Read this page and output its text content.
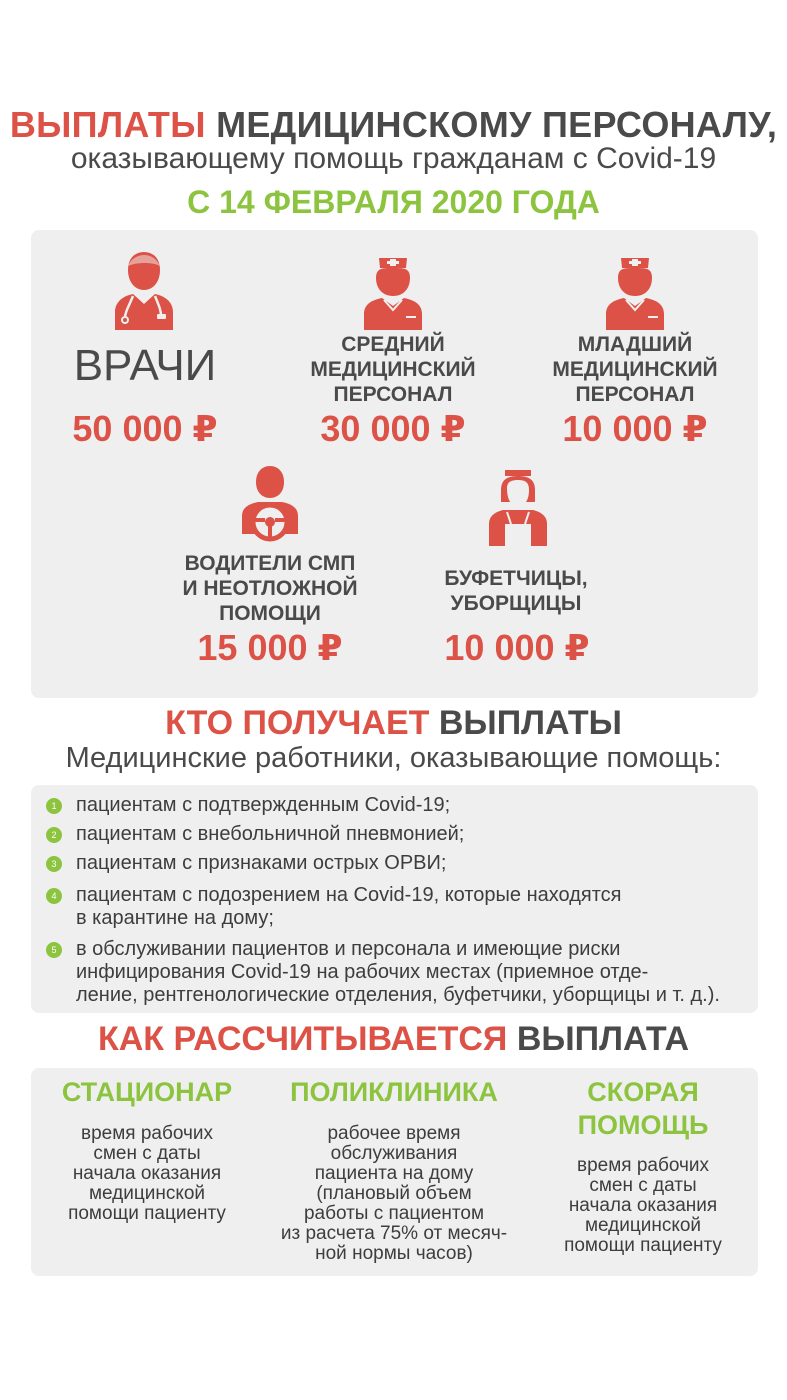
ВЫПЛАТЫ МЕДИЦИНСКОМУ ПЕРСОНАЛУ,
оказывающему помощь гражданам с Covid-19
С 14 ФЕВРАЛЯ 2020 ГОДА
ВРАЧИ
50 000 ₽
СРЕДНИЙ
МЕДИЦИНСКИЙ
ПЕРСОНАЛ
30 000 ₽
МЛАДШИЙ
МЕДИЦИНСКИЙ
ПЕРСОНАЛ
10 000 ₽
ВОДИТЕЛИ СМП
И НЕОТЛОЖНОЙ
ПОМОЩИ
15 000 ₽
БУФЕТЧИЦЫ,
УБОРЩИЦЫ
10 000 ₽
КТО ПОЛУЧАЕТ ВЫПЛАТЫ
Медицинские работники, оказывающие помощь:
1 пациентам с подтвержденным Covid-19;
2 пациентам с внебольничной пневмонией;
3 пациентам с признаками острых ОРВИ;
4 пациентам с подозрением на Covid-19, которые находятся
в карантине на дому;
5 в обслуживании пациентов и персонала и имеющие риски
инфицирования Covid-19 на рабочих местах (приемное отде-
ление, рентгенологические отделения, буфетчики, уборщицы и т. д.).
КАК РАССЧИТЫВАЕТСЯ ВЫПЛАТА
СТАЦИОНАР
время рабочих
смен с даты
начала оказания
медицинской
помощи пациенту
ПОЛИКЛИНИКА
рабочее время
обслуживания
пациента на дому
(плановый объем
работы с пациентом
из расчета 75% от месяч-
ной нормы часов)
СКОРАЯ
ПОМОЩЬ
время рабочих
смен с даты
начала оказания
медицинской
помощи пациенту
